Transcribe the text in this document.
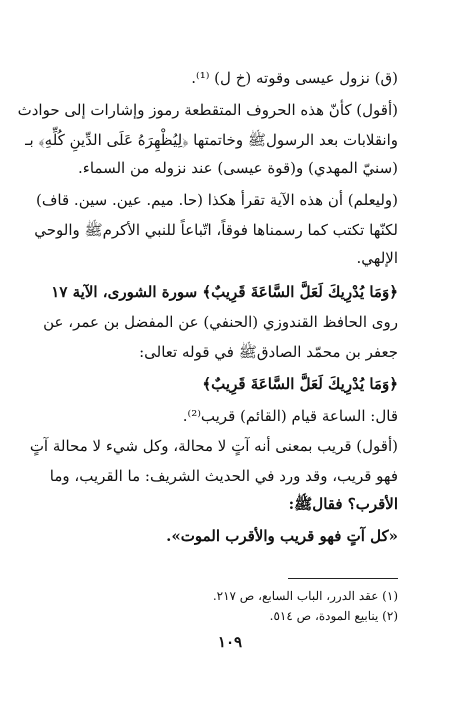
(ق) نزول عيسى وقوته (خ ل) ⁽¹⁾.
(أقول) كأنّ هذه الحروف المتقطعة رموز وإشارات إلى حوادث
وانقلابات بعد الرسولﷺ وخاتمتها ﴿لِيُظْهِرَهُ عَلَى الدِّينِ كُلِّهِ﴾ بـ
(سنيّ المهدي) و(قوة عيسى) عند نزوله من السماء.
(وليعلم) أن هذه الآية تقرأ هكذا (حا. ميم. عين. سين. قاف)
لكنّها تكتب كما رسمناها فوقاً، اتّباعاً للنبي الأكرمﷺ والوحي
الإلهي.
﴿وَمَا يُدْرِيكَ لَعَلَّ السَّاعَةَ قَرِيبٌ﴾ سورة الشورى، الآية ١٧
روى الحافظ القندوزي (الحنفي) عن المفضل بن عمر، عن
جعفر بن محمّد الصادقﷺ في قوله تعالى:
﴿وَمَا يُدْرِيكَ لَعَلَّ السَّاعَةَ قَرِيبٌ﴾
قال: الساعة قيام (القائم) قريب⁽²⁾.
(أقول) قريب بمعنى أنه آتٍ لا محالة، وكل شيء لا محالة آتٍ
فهو قريب، وقد ورد في الحديث الشريف: ما القريب، وما
الأقرب؟ فقالﷺ:
«كل آتٍ فهو قريب والأقرب الموت».
(١) عقد الدرر، الباب السابع، ص ٢١٧.
(٢) ينابيع المودة، ص ٥١٤.
١٠٩
